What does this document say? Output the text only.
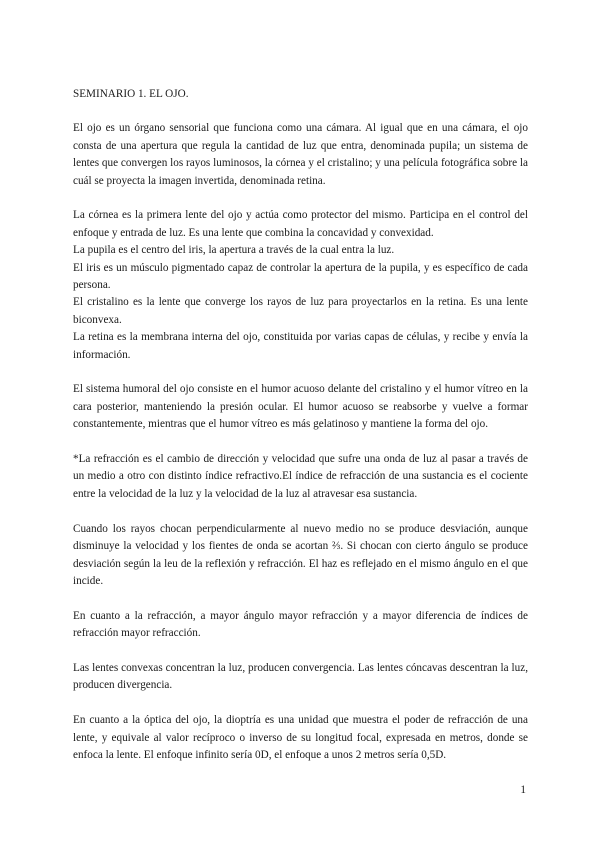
SEMINARIO 1. EL OJO.

El ojo es un órgano sensorial que funciona como una cámara. Al igual que en una cámara, el ojo consta de una apertura que regula la cantidad de luz que entra, denominada pupila; un sistema de lentes que convergen los rayos luminosos, la córnea y el cristalino; y una película fotográfica sobre la cuál se proyecta la imagen invertida, denominada retina.

La córnea es la primera lente del ojo y actúa como protector del mismo. Participa en el control del enfoque y entrada de luz. Es una lente que combina la concavidad y convexidad.

La pupila es el centro del iris, la apertura a través de la cual entra la luz.

El iris es un músculo pigmentado capaz de controlar la apertura de la pupila, y es específico de cada persona.

El cristalino es la lente que converge los rayos de luz para proyectarlos en la retina. Es una lente biconvexa.

La retina es la membrana interna del ojo, constituida por varias capas de células, y recibe y envía la información.

El sistema humoral del ojo consiste en el humor acuoso delante del cristalino y el humor vítreo en la cara posterior, manteniendo la presión ocular. El humor acuoso se reabsorbe y vuelve a formar constantemente, mientras que el humor vítreo es más gelatinoso y mantiene la forma del ojo.

*La refracción es el cambio de dirección y velocidad que sufre una onda de luz al pasar a través de un medio a otro con distinto índice refractivo.El índice de refracción de una sustancia es el cociente entre la velocidad de la luz y la velocidad de la luz al atravesar esa sustancia.

Cuando los rayos chocan perpendicularmente al nuevo medio no se produce desviación, aunque disminuye la velocidad y los fientes de onda se acortan ⅔. Si chocan con cierto ángulo se produce desviación según la leu de la reflexión y refracción. El haz es reflejado en el mismo ángulo en el que incide.

En cuanto a la refracción, a mayor ángulo mayor refracción y a mayor diferencia de índices de refracción mayor refracción.

Las lentes convexas concentran la luz, producen convergencia. Las lentes cóncavas descentran la luz, producen divergencia.

En cuanto a la óptica del ojo, la dioptría es una unidad que muestra el poder de refracción de una lente, y equivale al valor recíproco o inverso de su longitud focal, expresada en metros, donde se enfoca la lente. El enfoque infinito sería 0D, el enfoque a unos 2 metros sería 0,5D.

1
